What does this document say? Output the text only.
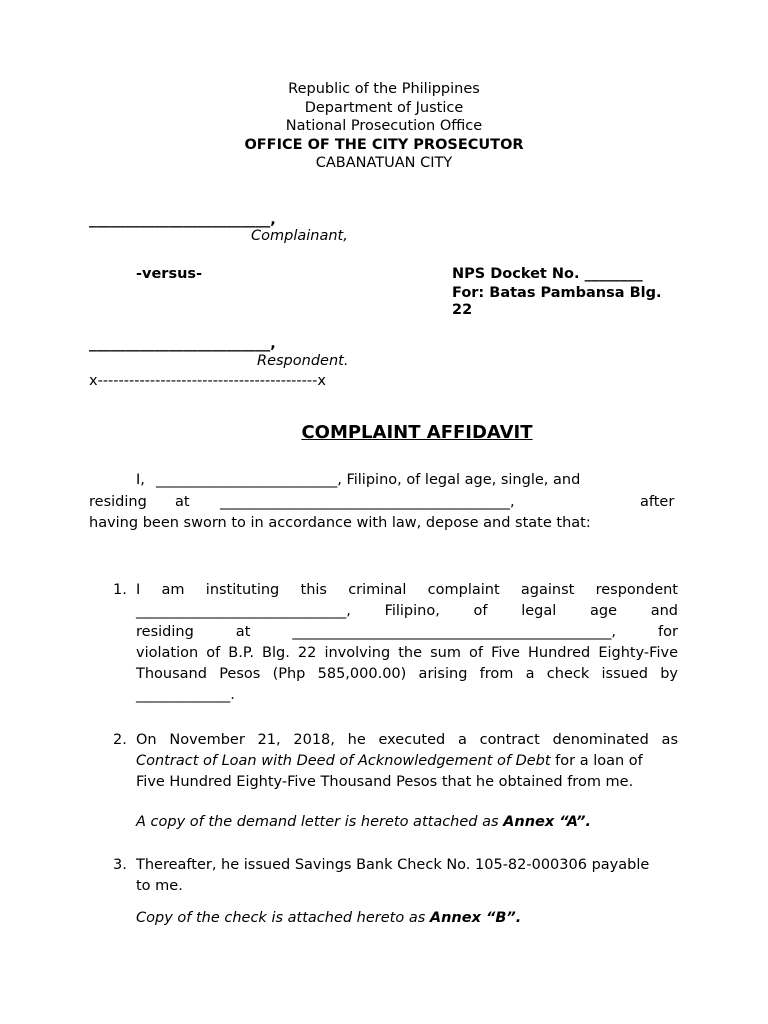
Republic of the Philippines
Department of Justice
National Prosecution Office
OFFICE OF THE CITY PROSECUTOR
CABANATUAN CITY
_________________________,
Complainant,
-versus-	NPS Docket No. ________
For: Batas Pambansa Blg.
22
_________________________,
Respondent.
x------------------------------------------x
COMPLAINT AFFIDAVIT
I, _________________________, Filipino, of legal age, single, and
residing at ________________________________________,	after
having been sworn to in accordance with law, depose and state that:
1. I am instituting this criminal complaint against respondent
_____________________________, Filipino, of legal age and
residing at ____________________________________________, for
violation of B.P. Blg. 22 involving the sum of Five Hundred Eighty-Five
Thousand Pesos (Php 585,000.00) arising from a check issued by
_____________.
2. On November 21, 2018, he executed a contract denominated as
Contract of Loan with Deed of Acknowledgement of Debt for a loan of
Five Hundred Eighty-Five Thousand Pesos that he obtained from me.
A copy of the demand letter is hereto attached as Annex “A”.
3. Thereafter, he issued Savings Bank Check No. 105-82-000306 payable
to me.
Copy of the check is attached hereto as Annex “B”.
